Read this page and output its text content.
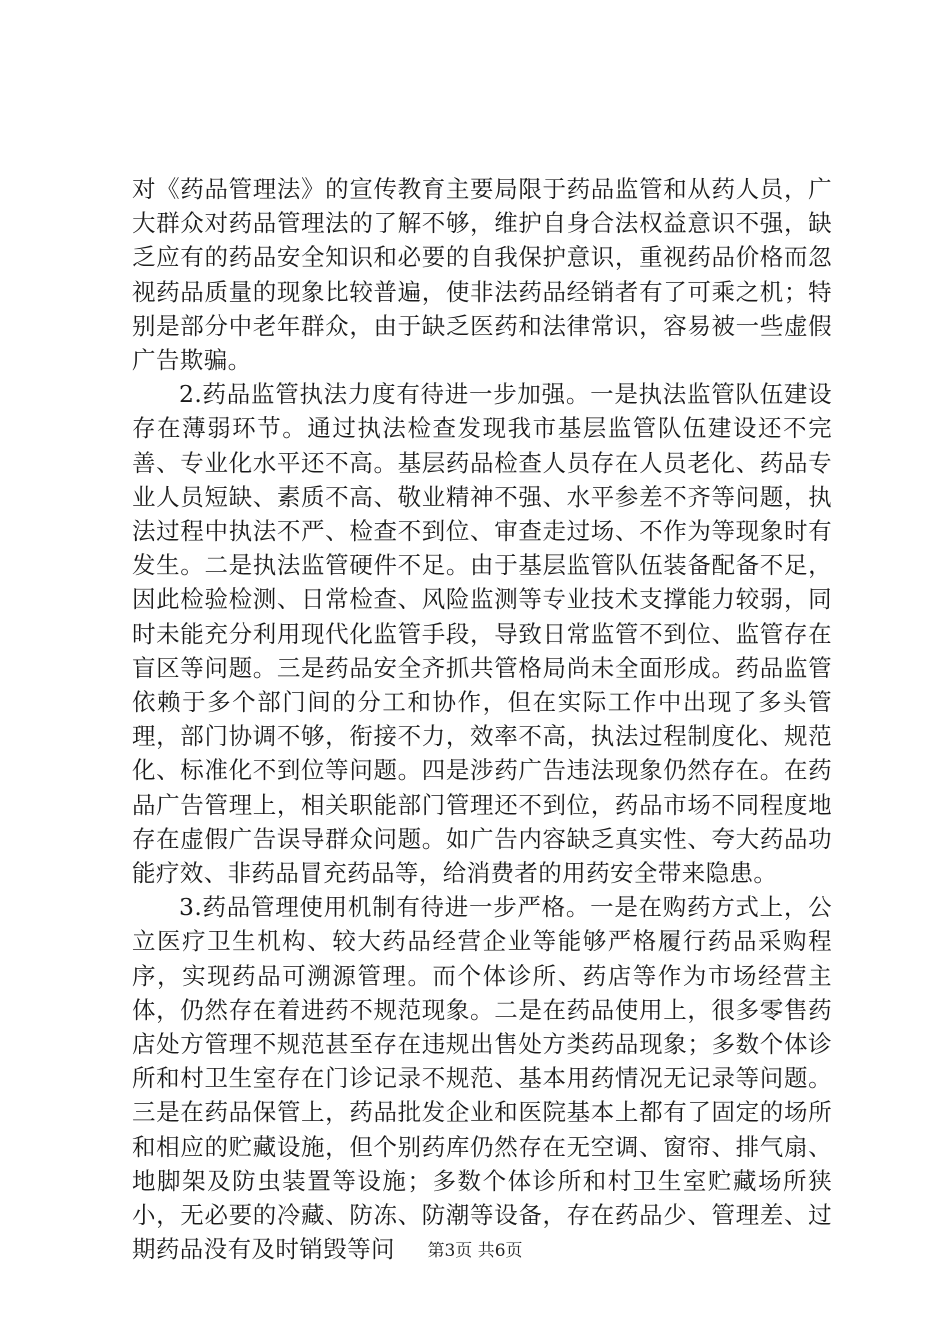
对《药品管理法》的宣传教育主要局限于药品监管和从药人员，广大群众对药品管理法的了解不够，维护自身合法权益意识不强，缺乏应有的药品安全知识和必要的自我保护意识，重视药品价格而忽视药品质量的现象比较普遍，使非法药品经销者有了可乘之机；特别是部分中老年群众，由于缺乏医药和法律常识，容易被一些虚假广告欺骗。

2.药品监管执法力度有待进一步加强。一是执法监管队伍建设存在薄弱环节。通过执法检查发现我市基层监管队伍建设还不完善、专业化水平还不高。基层药品检查人员存在人员老化、药品专业人员短缺、素质不高、敬业精神不强、水平参差不齐等问题，执法过程中执法不严、检查不到位、审查走过场、不作为等现象时有发生。二是执法监管硬件不足。由于基层监管队伍装备配备不足，因此检验检测、日常检查、风险监测等专业技术支撑能力较弱，同时未能充分利用现代化监管手段，导致日常监管不到位、监管存在盲区等问题。三是药品安全齐抓共管格局尚未全面形成。药品监管依赖于多个部门间的分工和协作，但在实际工作中出现了多头管理，部门协调不够，衔接不力，效率不高，执法过程制度化、规范化、标准化不到位等问题。四是涉药广告违法现象仍然存在。在药品广告管理上，相关职能部门管理还不到位，药品市场不同程度地存在虚假广告误导群众问题。如广告内容缺乏真实性、夸大药品功能疗效、非药品冒充药品等，给消费者的用药安全带来隐患。

3.药品管理使用机制有待进一步严格。一是在购药方式上，公立医疗卫生机构、较大药品经营企业等能够严格履行药品采购程序，实现药品可溯源管理。而个体诊所、药店等作为市场经营主体，仍然存在着进药不规范现象。二是在药品使用上，很多零售药店处方管理不规范甚至存在违规出售处方类药品现象；多数个体诊所和村卫生室存在门诊记录不规范、基本用药情况无记录等问题。三是在药品保管上，药品批发企业和医院基本上都有了固定的场所和相应的贮藏设施，但个别药库仍然存在无空调、窗帘、排气扇、地脚架及防虫装置等设施；多数个体诊所和村卫生室贮藏场所狭小，无必要的冷藏、防冻、防潮等设备，存在药品少、管理差、过期药品没有及时销毁等问	第3页 共6页
